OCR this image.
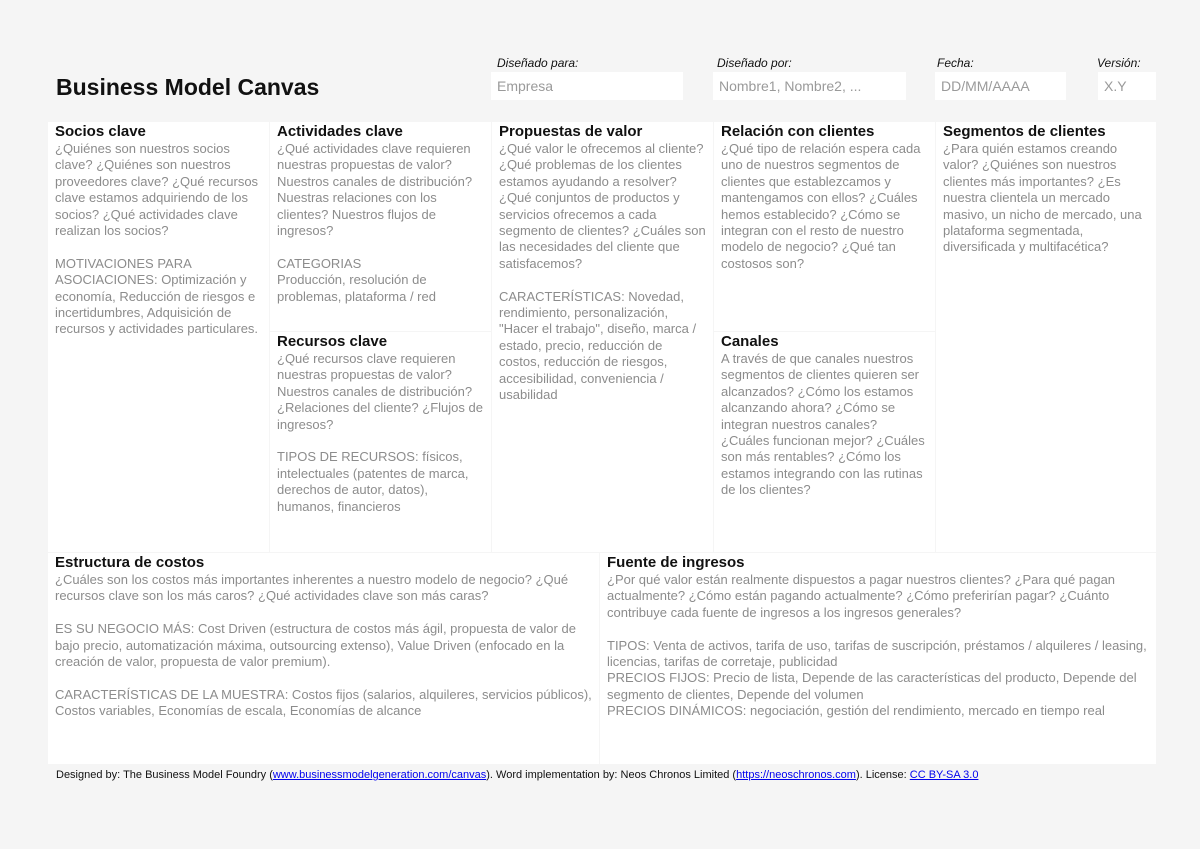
Business Model Canvas
Diseñado para:
Empresa
Diseñado por:
Nombre1, Nombre2, ...
Fecha:
DD/MM/AAAA
Versión:
X.Y
Socios clave

¿Quiénes son nuestros socios clave? ¿Quiénes son nuestros proveedores clave? ¿Qué recursos clave estamos adquiriendo de los socios? ¿Qué actividades clave realizan los socios?

MOTIVACIONES PARA ASOCIACIONES: Optimización y economía, Reducción de riesgos e incertidumbres, Adquisición de recursos y actividades particulares.

Actividades clave

¿Qué actividades clave requieren nuestras propuestas de valor? Nuestros canales de distribución? Nuestras relaciones con los clientes? Nuestros flujos de ingresos?

CATEGORIAS
Producción, resolución de problemas, plataforma / red

Recursos clave

¿Qué recursos clave requieren nuestras propuestas de valor? Nuestros canales de distribución? ¿Relaciones del cliente? ¿Flujos de ingresos?

TIPOS DE RECURSOS: físicos, intelectuales (patentes de marca, derechos de autor, datos), humanos, financieros

Propuestas de valor

¿Qué valor le ofrecemos al cliente? ¿Qué problemas de los clientes estamos ayudando a resolver? ¿Qué conjuntos de productos y servicios ofrecemos a cada segmento de clientes? ¿Cuáles son las necesidades del cliente que satisfacemos?

CARACTERÍSTICAS: Novedad, rendimiento, personalización, "Hacer el trabajo", diseño, marca / estado, precio, reducción de costos, reducción de riesgos, accesibilidad, conveniencia / usabilidad

Relación con clientes

¿Qué tipo de relación espera cada uno de nuestros segmentos de clientes que establezcamos y mantengamos con ellos? ¿Cuáles hemos establecido? ¿Cómo se integran con el resto de nuestro modelo de negocio? ¿Qué tan costosos son?

Canales

A través de que canales nuestros segmentos de clientes quieren ser alcanzados? ¿Cómo los estamos alcanzando ahora? ¿Cómo se integran nuestros canales? ¿Cuáles funcionan mejor? ¿Cuáles son más rentables? ¿Cómo los estamos integrando con las rutinas de los clientes?

Segmentos de clientes

¿Para quién estamos creando valor? ¿Quiénes son nuestros clientes más importantes? ¿Es nuestra clientela un mercado masivo, un nicho de mercado, una plataforma segmentada, diversificada y multifacética?

Estructura de costos

¿Cuáles son los costos más importantes inherentes a nuestro modelo de negocio? ¿Qué recursos clave son los más caros? ¿Qué actividades clave son más caras?

ES SU NEGOCIO MÁS: Cost Driven (estructura de costos más ágil, propuesta de valor de bajo precio, automatización máxima, outsourcing extenso), Value Driven (enfocado en la creación de valor, propuesta de valor premium).

CARACTERÍSTICAS DE LA MUESTRA: Costos fijos (salarios, alquileres, servicios públicos), Costos variables, Economías de escala, Economías de alcance

Fuente de ingresos

¿Por qué valor están realmente dispuestos a pagar nuestros clientes? ¿Para qué pagan actualmente? ¿Cómo están pagando actualmente? ¿Cómo preferirían pagar? ¿Cuánto contribuye cada fuente de ingresos a los ingresos generales?

TIPOS: Venta de activos, tarifa de uso, tarifas de suscripción, préstamos / alquileres / leasing, licencias, tarifas de corretaje, publicidad
PRECIOS FIJOS: Precio de lista, Depende de las características del producto, Depende del segmento de clientes, Depende del volumen
PRECIOS DINÁMICOS: negociación, gestión del rendimiento, mercado en tiempo real

Designed by: The Business Model Foundry (www.businessmodelgeneration.com/canvas). Word implementation by: Neos Chronos Limited (https://neoschronos.com). License: CC BY-SA 3.0
